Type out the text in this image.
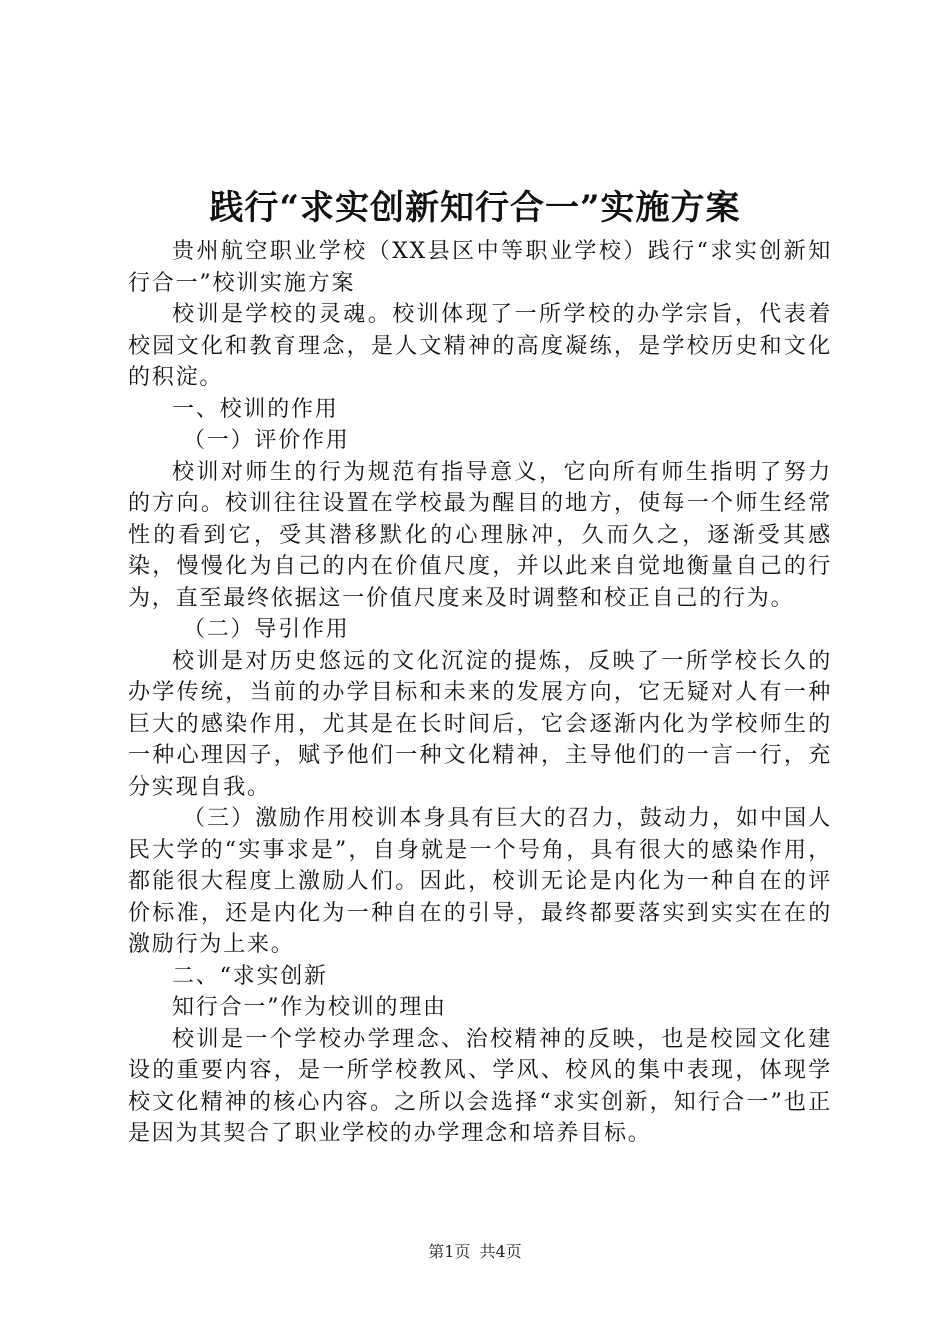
践行“求实创新知行合一”实施方案

贵州航空职业学校（XX县区中等职业学校）践行“求实创新知行合一”校训实施方案

校训是学校的灵魂。校训体现了一所学校的办学宗旨，代表着校园文化和教育理念，是人文精神的高度凝练，是学校历史和文化的积淀。

一、校训的作用

（一）评价作用

校训对师生的行为规范有指导意义，它向所有师生指明了努力的方向。校训往往设置在学校最为醒目的地方，使每一个师生经常性的看到它，受其潜移默化的心理脉冲，久而久之，逐渐受其感染，慢慢化为自己的内在价值尺度，并以此来自觉地衡量自己的行为，直至最终依据这一价值尺度来及时调整和校正自己的行为。

（二）导引作用

校训是对历史悠远的文化沉淀的提炼，反映了一所学校长久的办学传统，当前的办学目标和未来的发展方向，它无疑对人有一种巨大的感染作用，尤其是在长时间后，它会逐渐内化为学校师生的一种心理因子，赋予他们一种文化精神，主导他们的一言一行，充分实现自我。

（三）激励作用校训本身具有巨大的召力，鼓动力，如中国人民大学的“实事求是”，自身就是一个号角，具有很大的感染作用，都能很大程度上激励人们。因此，校训无论是内化为一种自在的评价标准，还是内化为一种自在的引导，最终都要落实到实实在在的激励行为上来。

二、“求实创新

知行合一”作为校训的理由

校训是一个学校办学理念、治校精神的反映，也是校园文化建设的重要内容，是一所学校教风、学风、校风的集中表现，体现学校文化精神的核心内容。之所以会选择“求实创新，知行合一”也正是因为其契合了职业学校的办学理念和培养目标。

第1页 共4页
